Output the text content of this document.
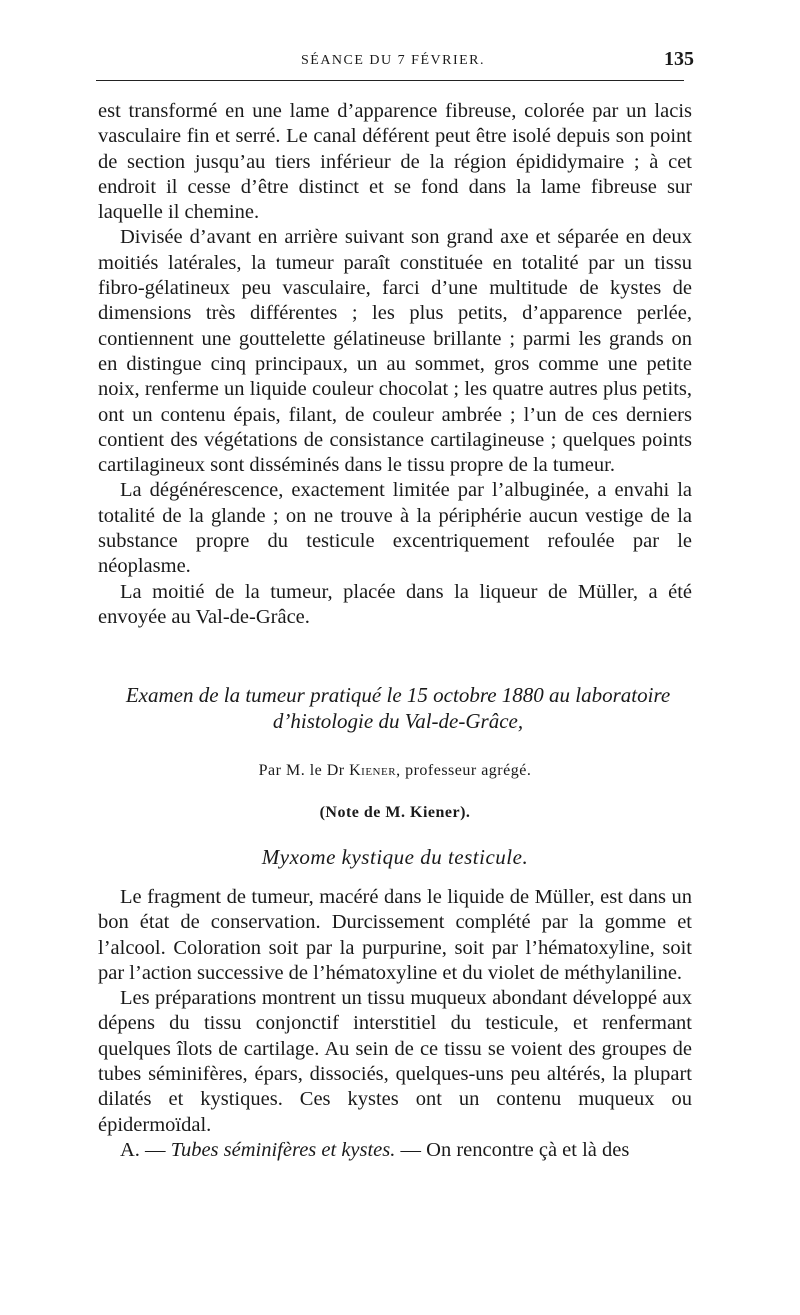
SÉANCE DU 7 FÉVRIER.	135

est transformé en une lame d’apparence fibreuse, colorée par un lacis vasculaire fin et serré. Le canal déférent peut être isolé depuis son point de section jusqu’au tiers inférieur de la région épididymaire ; à cet endroit il cesse d’être distinct et se fond dans la lame fibreuse sur laquelle il chemine.

Divisée d’avant en arrière suivant son grand axe et séparée en deux moitiés latérales, la tumeur paraît constituée en totalité par un tissu fibro-gélatineux peu vasculaire, farci d’une multitude de kystes de dimensions très différentes ; les plus petits, d’apparence perlée, contiennent une gouttelette gélatineuse brillante ; parmi les grands on en distingue cinq principaux, un au sommet, gros comme une petite noix, renferme un liquide couleur chocolat ; les quatre autres plus petits, ont un contenu épais, filant, de couleur ambrée ; l’un de ces derniers contient des végétations de consistance cartilagineuse ; quelques points cartilagineux sont disséminés dans le tissu propre de la tumeur.

La dégénérescence, exactement limitée par l’albuginée, a envahi la totalité de la glande ; on ne trouve à la périphérie aucun vestige de la substance propre du testicule excentriquement refoulée par le néoplasme.

La moitié de la tumeur, placée dans la liqueur de Müller, a été envoyée au Val-de-Grâce.

Examen de la tumeur pratiqué le 15 octobre 1880 au laboratoire
d’histologie du Val-de-Grâce,
Par M. le Dr Kiener, professeur agrégé.
(Note de M. Kiener).
Myxome kystique du testicule.

Le fragment de tumeur, macéré dans le liquide de Müller, est dans un bon état de conservation. Durcissement complété par la gomme et l’alcool. Coloration soit par la purpurine, soit par l’hématoxyline, soit par l’action successive de l’hématoxyline et du violet de méthylaniline.

Les préparations montrent un tissu muqueux abondant développé aux dépens du tissu conjonctif interstitiel du testicule, et renfermant quelques îlots de cartilage. Au sein de ce tissu se voient des groupes de tubes séminifères, épars, dissociés, quelques-uns peu altérés, la plupart dilatés et kystiques. Ces kystes ont un contenu muqueux ou épidermoïdal.

A. — Tubes séminifères et kystes. — On rencontre çà et là des
